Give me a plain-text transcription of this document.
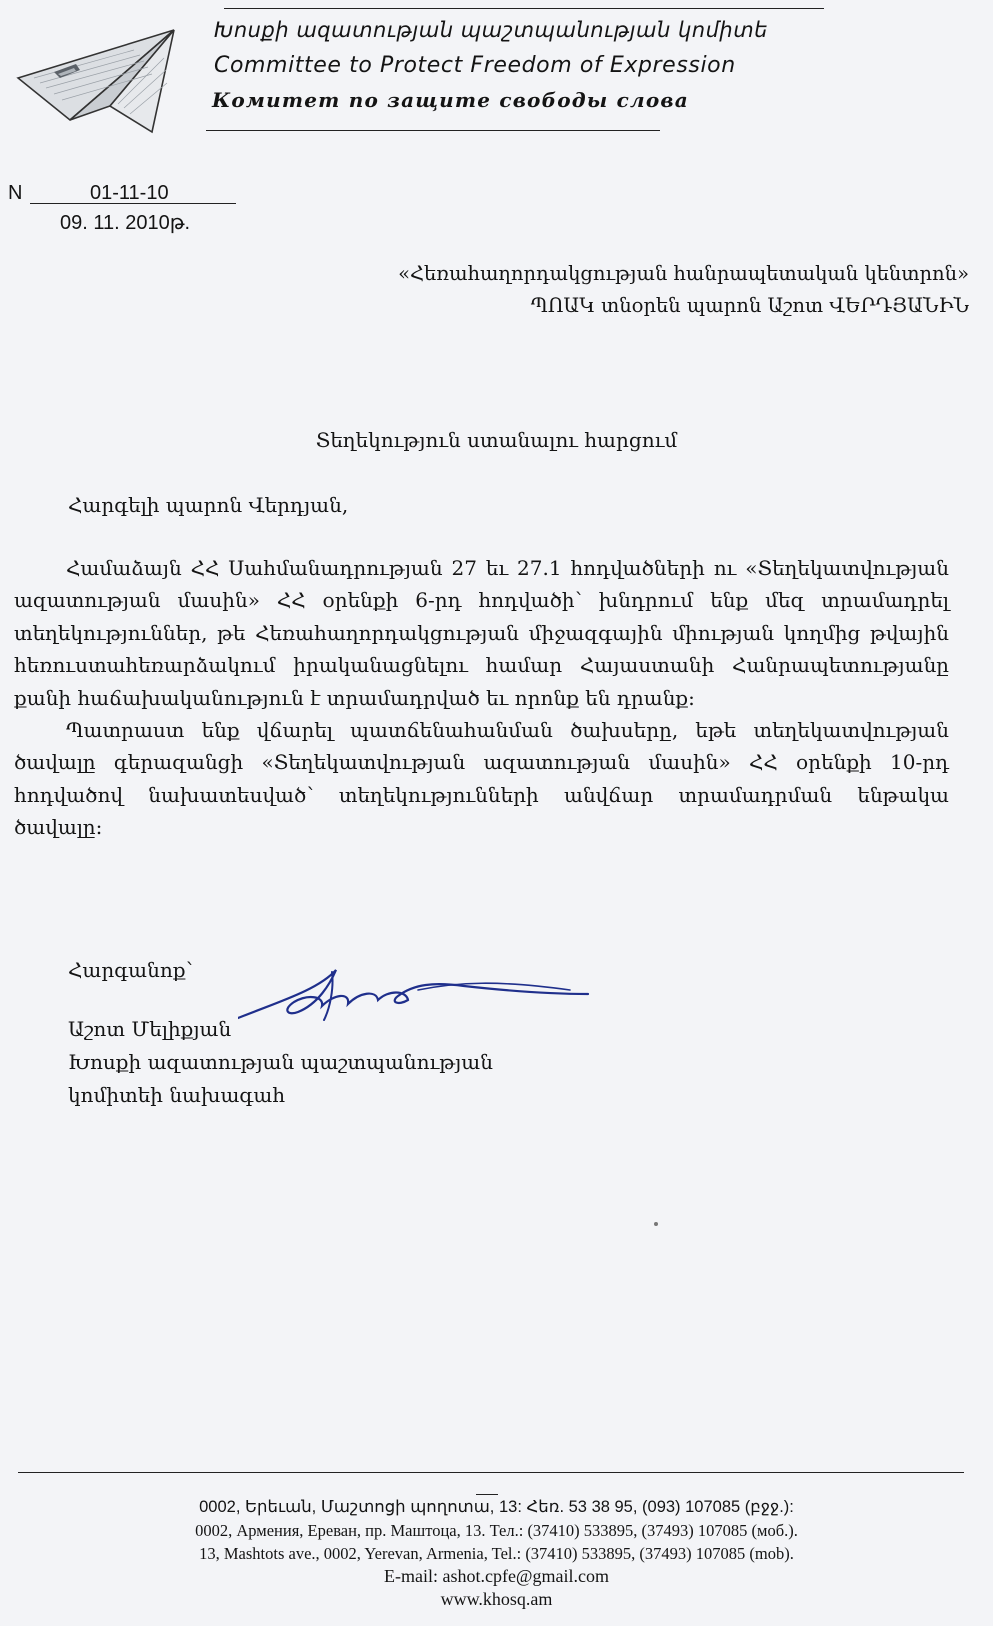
Խոսքի ազատության պաշտպանության կոմիտե
Committee to Protect Freedom of Expression
Комитет по защите свободы слова
N	01-11-10
09. 11. 2010թ.
«Հեռահաղորդակցության հանրապետական կենտրոն»
ՊՈԱԿ տնօրեն պարոն Աշոտ ՎԵՐԴՅԱՆԻՆ
Տեղեկություն ստանալու հարցում
Հարգելի պարոն Վերդյան,

Համաձայն ՀՀ Սահմանադրության 27 եւ 27.1 հոդվածների ու «Տեղեկատվության ազատության մասին» ՀՀ օրենքի 6-րդ հոդվածի՝ խնդրում ենք մեզ տրամադրել տեղեկություններ, թե Հեռահաղորդակցության միջազգային միության կողմից թվային հեռուստահեռարձակում իրականացնելու համար Հայաստանի Հանրապետությանը քանի հաճախականություն է տրամադրված եւ որոնք են դրանք:

Պատրաստ ենք վճարել պատճենահանման ծախսերը, եթե տեղեկատվության ծավալը գերազանցի «Տեղեկատվության ազատության մասին» ՀՀ օրենքի 10-րդ հոդվածով նախատեսված՝ տեղեկությունների անվճար տրամադրման ենթակա ծավալը:

Հարգանոք՝
Աշոտ Մելիքյան
Խոսքի ազատության պաշտպանության
կոմիտեի նախագահ
0002, Երեւան, Մաշտոցի պողոտա, 13: Հեռ. 53 38 95, (093) 107085 (բջջ.):
0002, Армения, Ереван, пр. Маштоца, 13. Тел.: (37410) 533895, (37493) 107085 (моб.).
13, Mashtots ave., 0002, Yerevan, Armenia, Tel.: (37410) 533895, (37493) 107085 (mob).
E-mail: ashot.cpfe@gmail.com
www.khosq.am
